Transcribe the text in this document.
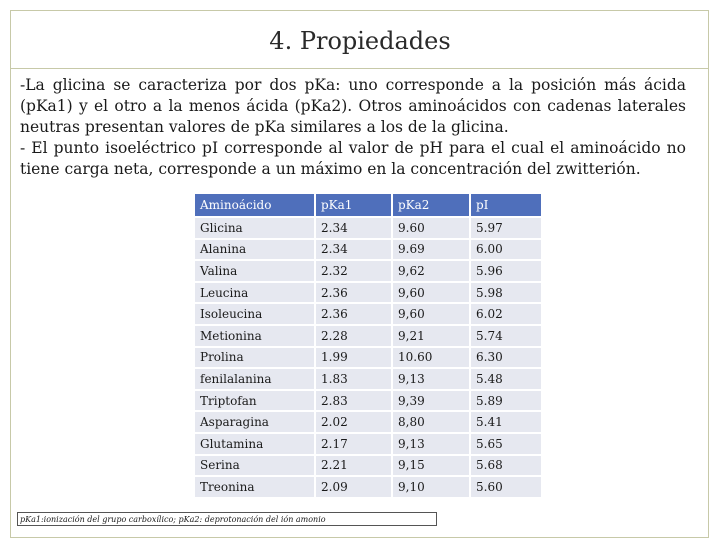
4. Propiedades

-La glicina se caracteriza por dos pKa: uno corresponde a la posición más ácida (pKa1) y el otro a la menos ácida (pKa2). Otros aminoácidos con cadenas laterales neutras presentan valores de pKa similares a los de la glicina.

- El punto isoeléctrico pI corresponde al valor de pH para el cual el aminoácido no tiene carga neta, corresponde a un máximo en la concentración del zwitterión.

Aminoácido	pKa1	pKa2	pI
Glicina	2.34	9.60	5.97
Alanina	2.34	9.69	6.00
Valina	2.32	9,62	5.96
Leucina	2.36	9,60	5.98
Isoleucina	2.36	9,60	6.02
Metionina	2.28	9,21	5.74
Prolina	1.99	10.60	6.30
fenilalanina	1.83	9,13	5.48
Triptofan	2.83	9,39	5.89
Asparagina	2.02	8,80	5.41
Glutamina	2.17	9,13	5.65
Serina	2.21	9,15	5.68
Treonina	2.09	9,10	5.60
pKa1:ionización del grupo carboxílico; pKa2: deprotonación del ión amonio
